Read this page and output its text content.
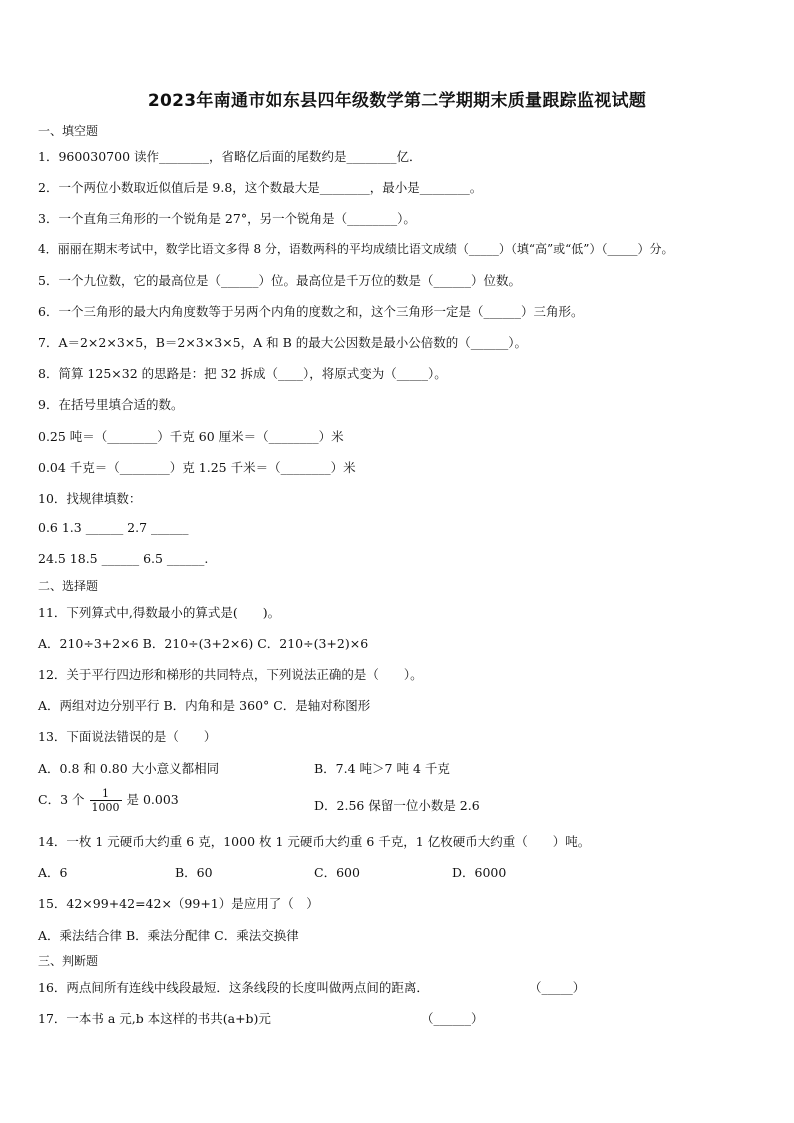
2023年南通市如东县四年级数学第二学期期末质量跟踪监视试题
一、填空题
1．960030700 读作________，省略亿后面的尾数约是________亿．
2．一个两位小数取近似值后是 9.8，这个数最大是________，最小是________。
3．一个直角三角形的一个锐角是 27°，另一个锐角是（________）。
4．丽丽在期末考试中，数学比语文多得 8 分，语数两科的平均成绩比语文成绩（_____）（填“高”或“低”）（_____）分。
5．一个九位数，它的最高位是（______）位。最高位是千万位的数是（______）位数。
6．一个三角形的最大内角度数等于另两个内角的度数之和，这个三角形一定是（______）三角形。
7．A＝2×2×3×5，B＝2×3×3×5，A 和 B 的最大公因数是最小公倍数的（______）。
8．简算 125×32 的思路是：把 32 拆成（____），将原式变为（_____）。
9．在括号里填合适的数。
0.25 吨＝（________）千克 60 厘米＝（________）米
0.04 千克＝（________）克 1.25 千米＝（________）米
10．找规律填数：
0.6 1.3 ______ 2.7 ______
24.5 18.5 ______ 6.5 ______.
二、选择题
11．下列算式中,得数最小的算式是(　　)。
A．210÷3+2×6 B．210÷(3+2×6) C．210÷(3+2)×6
12．关于平行四边形和梯形的共同特点，下列说法正确的是（　　）。
A．两组对边分别平行 B．内角和是 360° C．是轴对称图形
13．下面说法错误的是（　　）
A．0.8 和 0.80 大小意义都相同	B．7.4 吨＞7 吨 4 千克
C．3 个 $\frac{1}{1000}$ 是 0.003	D．2.56 保留一位小数是 2.6
14．一枚 1 元硬币大约重 6 克，1000 枚 1 元硬币大约重 6 千克，1 亿枚硬币大约重（　　）吨。
A．6	B．60	C．600	D．6000
15．42×99+42=42×（99+1）是应用了（　）
A．乘法结合律 B．乘法分配律 C．乘法交换律
三、判断题
16．两点间所有连线中线段最短．这条线段的长度叫做两点间的距离．	（_____）
17．一本书 a 元,b 本这样的书共(a+b)元	（______）
